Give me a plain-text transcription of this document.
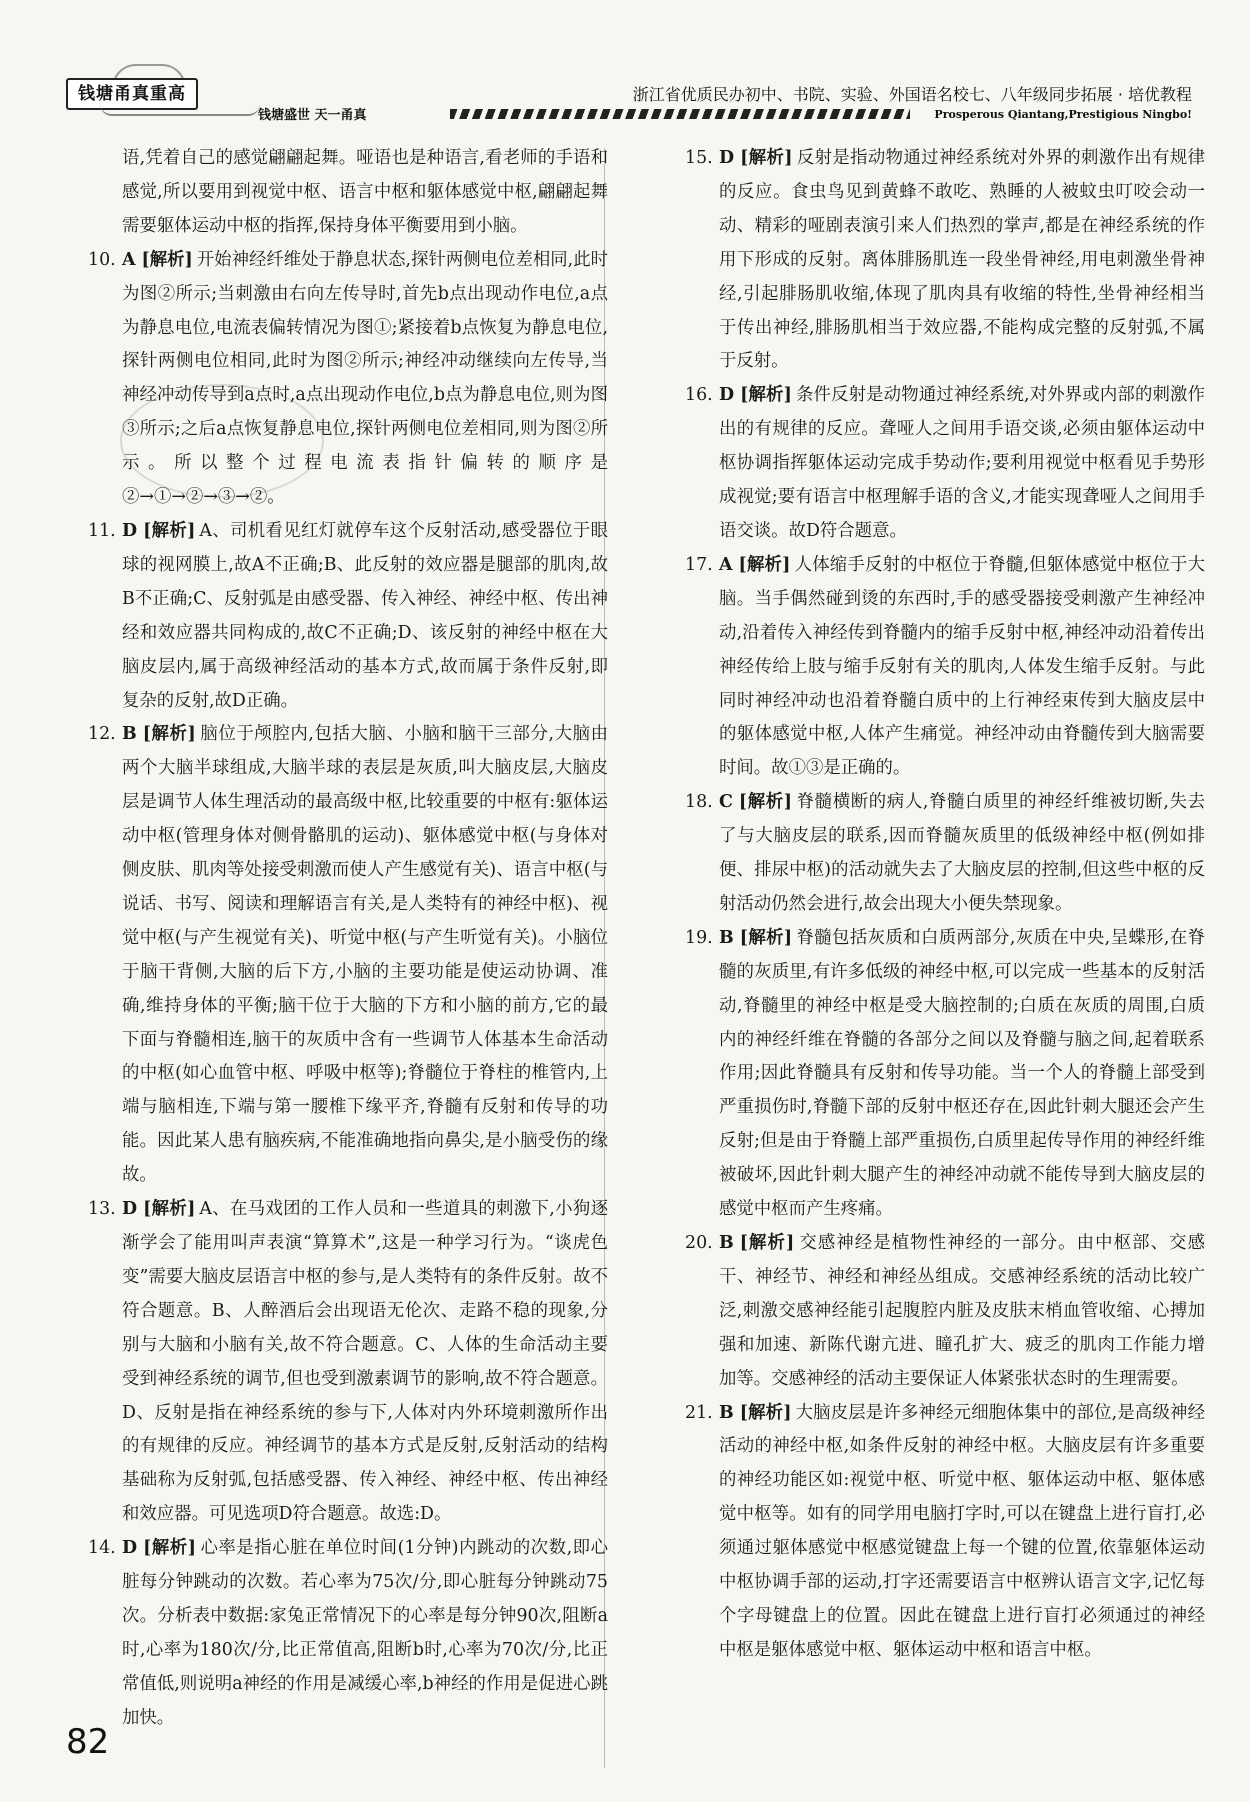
钱塘甬真重高
钱塘盛世 天一甬真
浙江省优质民办初中、书院、实验、外国语名校七、八年级同步拓展 · 培优教程
Prosperous Qiantang,Prestigious Ningbo!

语,凭着自己的感觉翩翩起舞。哑语也是种语言,看老师的手语和感觉,所以要用到视觉中枢、语言中枢和躯体感觉中枢,翩翩起舞需要躯体运动中枢的指挥,保持身体平衡要用到小脑。

10. A [解析] 开始神经纤维处于静息状态,探针两侧电位差相同,此时为图②所示;当刺激由右向左传导时,首先b点出现动作电位,a点为静息电位,电流表偏转情况为图①;紧接着b点恢复为静息电位,探针两侧电位相同,此时为图②所示;神经冲动继续向左传导,当神经冲动传导到a点时,a点出现动作电位,b点为静息电位,则为图③所示;之后a点恢复静息电位,探针两侧电位差相同,则为图②所示。所以整个过程电流表指针偏转的顺序是②→①→②→③→②。

11. D [解析] A、司机看见红灯就停车这个反射活动,感受器位于眼球的视网膜上,故A不正确;B、此反射的效应器是腿部的肌肉,故B不正确;C、反射弧是由感受器、传入神经、神经中枢、传出神经和效应器共同构成的,故C不正确;D、该反射的神经中枢在大脑皮层内,属于高级神经活动的基本方式,故而属于条件反射,即复杂的反射,故D正确。

12. B [解析] 脑位于颅腔内,包括大脑、小脑和脑干三部分,大脑由两个大脑半球组成,大脑半球的表层是灰质,叫大脑皮层,大脑皮层是调节人体生理活动的最高级中枢,比较重要的中枢有:躯体运动中枢(管理身体对侧骨骼肌的运动)、躯体感觉中枢(与身体对侧皮肤、肌肉等处接受刺激而使人产生感觉有关)、语言中枢(与说话、书写、阅读和理解语言有关,是人类特有的神经中枢)、视觉中枢(与产生视觉有关)、听觉中枢(与产生听觉有关)。小脑位于脑干背侧,大脑的后下方,小脑的主要功能是使运动协调、准确,维持身体的平衡;脑干位于大脑的下方和小脑的前方,它的最下面与脊髓相连,脑干的灰质中含有一些调节人体基本生命活动的中枢(如心血管中枢、呼吸中枢等);脊髓位于脊柱的椎管内,上端与脑相连,下端与第一腰椎下缘平齐,脊髓有反射和传导的功能。因此某人患有脑疾病,不能准确地指向鼻尖,是小脑受伤的缘故。

13. D [解析] A、在马戏团的工作人员和一些道具的刺激下,小狗逐渐学会了能用叫声表演“算算术”,这是一种学习行为。“谈虎色变”需要大脑皮层语言中枢的参与,是人类特有的条件反射。故不符合题意。B、人醉酒后会出现语无伦次、走路不稳的现象,分别与大脑和小脑有关,故不符合题意。C、人体的生命活动主要受到神经系统的调节,但也受到激素调节的影响,故不符合题意。D、反射是指在神经系统的参与下,人体对内外环境刺激所作出的有规律的反应。神经调节的基本方式是反射,反射活动的结构基础称为反射弧,包括感受器、传入神经、神经中枢、传出神经和效应器。可见选项D符合题意。故选:D。

14. D [解析] 心率是指心脏在单位时间(1分钟)内跳动的次数,即心脏每分钟跳动的次数。若心率为75次/分,即心脏每分钟跳动75次。分析表中数据:家兔正常情况下的心率是每分钟90次,阻断a时,心率为180次/分,比正常值高,阻断b时,心率为70次/分,比正常值低,则说明a神经的作用是减缓心率,b神经的作用是促进心跳加快。

15. D [解析] 反射是指动物通过神经系统对外界的刺激作出有规律的反应。食虫鸟见到黄蜂不敢吃、熟睡的人被蚊虫叮咬会动一动、精彩的哑剧表演引来人们热烈的掌声,都是在神经系统的作用下形成的反射。离体腓肠肌连一段坐骨神经,用电刺激坐骨神经,引起腓肠肌收缩,体现了肌肉具有收缩的特性,坐骨神经相当于传出神经,腓肠肌相当于效应器,不能构成完整的反射弧,不属于反射。

16. D [解析] 条件反射是动物通过神经系统,对外界或内部的刺激作出的有规律的反应。聋哑人之间用手语交谈,必须由躯体运动中枢协调指挥躯体运动完成手势动作;要利用视觉中枢看见手势形成视觉;要有语言中枢理解手语的含义,才能实现聋哑人之间用手语交谈。故D符合题意。

17. A [解析] 人体缩手反射的中枢位于脊髓,但躯体感觉中枢位于大脑。当手偶然碰到烫的东西时,手的感受器接受刺激产生神经冲动,沿着传入神经传到脊髓内的缩手反射中枢,神经冲动沿着传出神经传给上肢与缩手反射有关的肌肉,人体发生缩手反射。与此同时神经冲动也沿着脊髓白质中的上行神经束传到大脑皮层中的躯体感觉中枢,人体产生痛觉。神经冲动由脊髓传到大脑需要时间。故①③是正确的。

18. C [解析] 脊髓横断的病人,脊髓白质里的神经纤维被切断,失去了与大脑皮层的联系,因而脊髓灰质里的低级神经中枢(例如排便、排尿中枢)的活动就失去了大脑皮层的控制,但这些中枢的反射活动仍然会进行,故会出现大小便失禁现象。

19. B [解析] 脊髓包括灰质和白质两部分,灰质在中央,呈蝶形,在脊髓的灰质里,有许多低级的神经中枢,可以完成一些基本的反射活动,脊髓里的神经中枢是受大脑控制的;白质在灰质的周围,白质内的神经纤维在脊髓的各部分之间以及脊髓与脑之间,起着联系作用;因此脊髓具有反射和传导功能。当一个人的脊髓上部受到严重损伤时,脊髓下部的反射中枢还存在,因此针刺大腿还会产生反射;但是由于脊髓上部严重损伤,白质里起传导作用的神经纤维被破坏,因此针刺大腿产生的神经冲动就不能传导到大脑皮层的感觉中枢而产生疼痛。

20. B [解析] 交感神经是植物性神经的一部分。由中枢部、交感干、神经节、神经和神经丛组成。交感神经系统的活动比较广泛,刺激交感神经能引起腹腔内脏及皮肤末梢血管收缩、心搏加强和加速、新陈代谢亢进、瞳孔扩大、疲乏的肌肉工作能力增加等。交感神经的活动主要保证人体紧张状态时的生理需要。

21. B [解析] 大脑皮层是许多神经元细胞体集中的部位,是高级神经活动的神经中枢,如条件反射的神经中枢。大脑皮层有许多重要的神经功能区如:视觉中枢、听觉中枢、躯体运动中枢、躯体感觉中枢等。如有的同学用电脑打字时,可以在键盘上进行盲打,必须通过躯体感觉中枢感觉键盘上每一个键的位置,依靠躯体运动中枢协调手部的运动,打字还需要语言中枢辨认语言文字,记忆每个字母键盘上的位置。因此在键盘上进行盲打必须通过的神经中枢是躯体感觉中枢、躯体运动中枢和语言中枢。

82
